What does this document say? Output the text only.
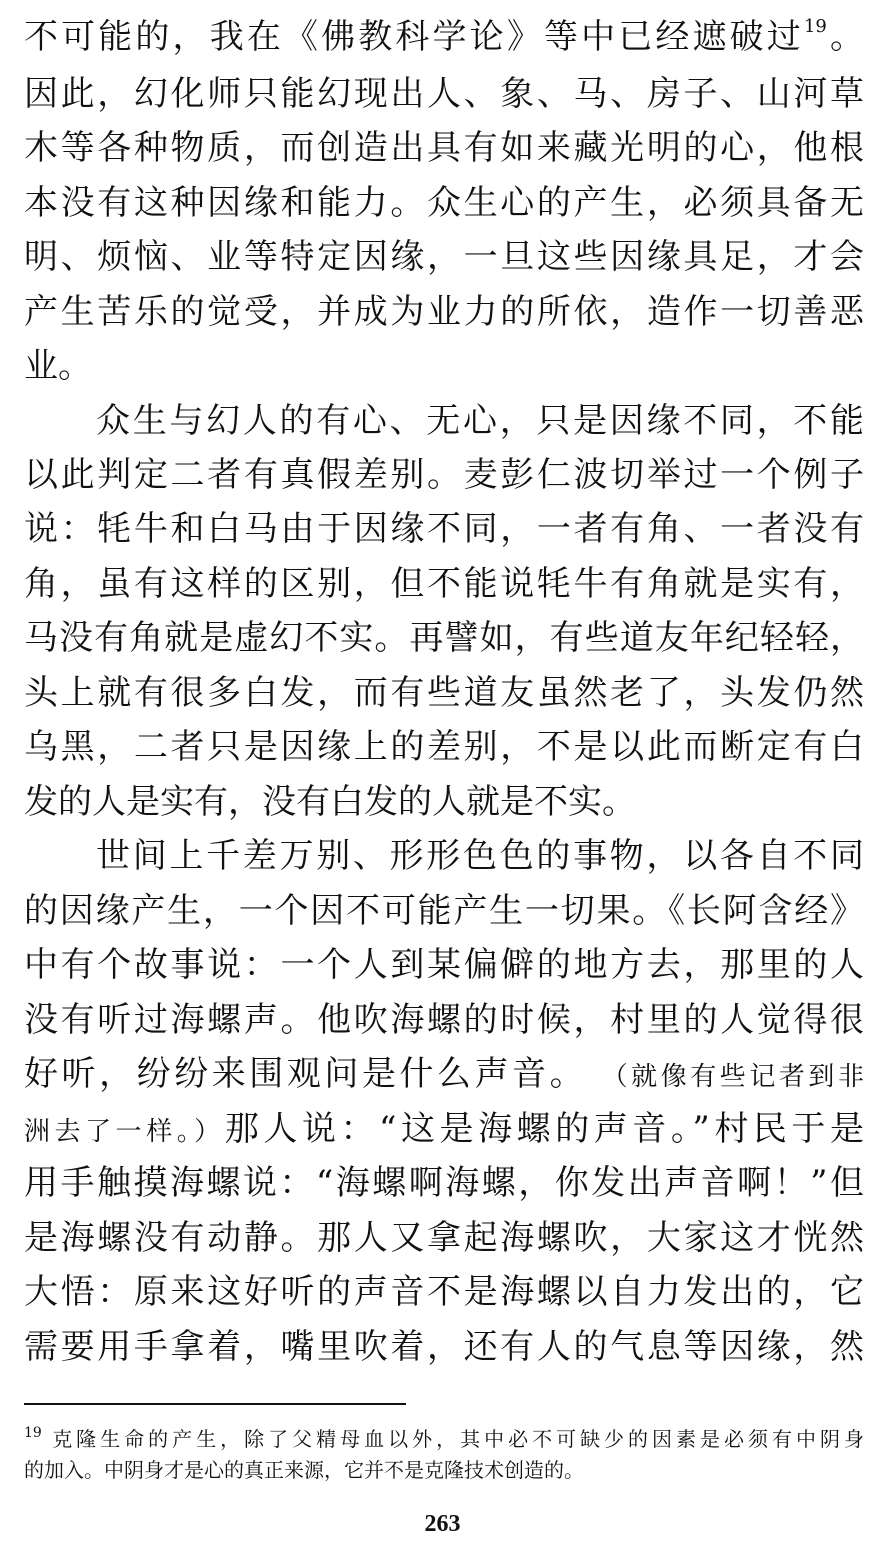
不可能的，我在《佛教科学论》等中已经遮破过$^{19}$。
因此，幻化师只能幻现出人、象、马、房子、山河草
木等各种物质，而创造出具有如来藏光明的心，他根
本没有这种因缘和能力。众生心的产生，必须具备无
明、烦恼、业等特定因缘，一旦这些因缘具足，才会
产生苦乐的觉受，并成为业力的所依，造作一切善恶
业。
众生与幻人的有心、无心，只是因缘不同，不能
以此判定二者有真假差别。麦彭仁波切举过一个例子
说：牦牛和白马由于因缘不同，一者有角、一者没有
角，虽有这样的区别，但不能说牦牛有角就是实有，
马没有角就是虚幻不实。再譬如，有些道友年纪轻轻，
头上就有很多白发，而有些道友虽然老了，头发仍然
乌黑，二者只是因缘上的差别，不是以此而断定有白
发的人是实有，没有白发的人就是不实。
世间上千差万别、形形色色的事物，以各自不同
的因缘产生，一个因不可能产生一切果。《长阿含经》
中有个故事说：一个人到某偏僻的地方去，那里的人
没有听过海螺声。他吹海螺的时候，村里的人觉得很
好听，纷纷来围观问是什么声音。 （就像有些记者到非
洲去了一样。）那人说：“这是海螺的声音。”村民于是
用手触摸海螺说：“海螺啊海螺，你发出声音啊！”但
是海螺没有动静。那人又拿起海螺吹，大家这才恍然
大悟：原来这好听的声音不是海螺以自力发出的，它
需要用手拿着，嘴里吹着，还有人的气息等因缘，然
$^{19}$ 克隆生命的产生，除了父精母血以外，其中必不可缺少的因素是必须有中阴身
的加入。中阴身才是心的真正来源，它并不是克隆技术创造的。
263
